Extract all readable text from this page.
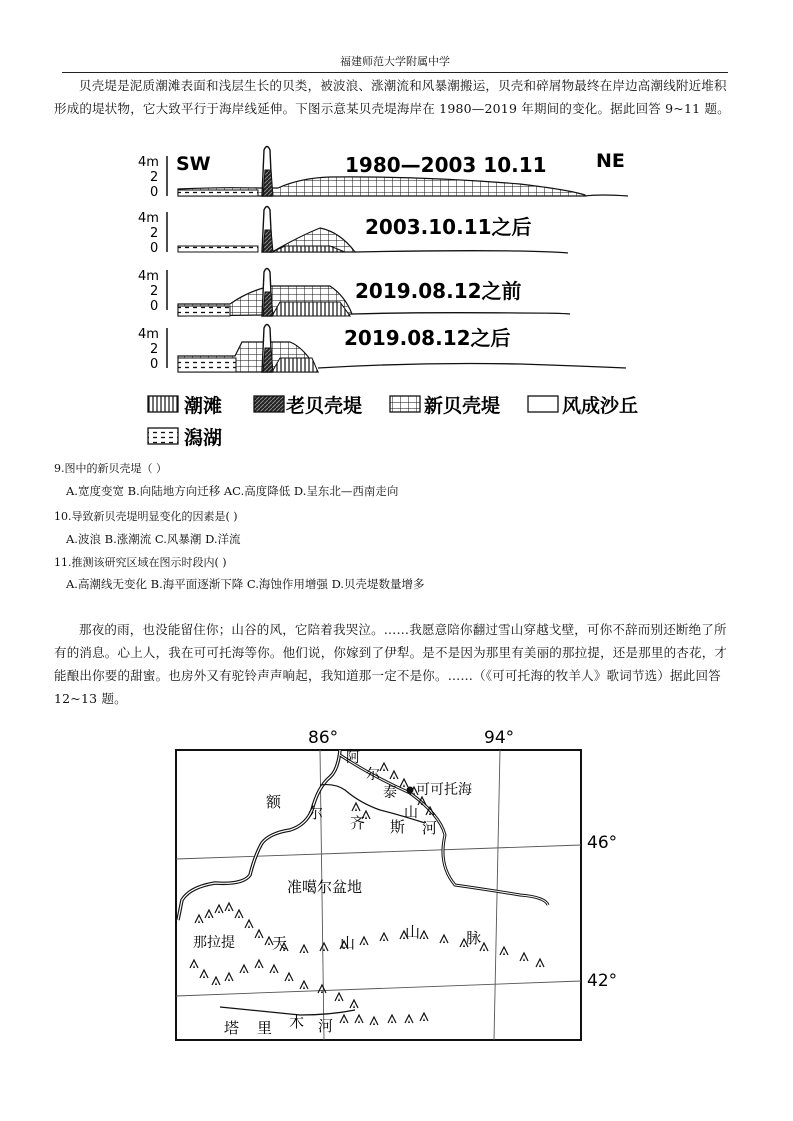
福建师范大学附属中学

贝壳堤是泥质潮滩表面和浅层生长的贝类，被波浪、涨潮流和风暴潮搬运，贝壳和碎屑物最终在岸边高潮线附近堆积形成的堤状物，它大致平行于海岸线延伸。下图示意某贝壳堤海岸在 1980—2019 年期间的变化。据此回答 9~11 题。

4m
2
0
SW	NE
1980—2003 10.11
4m
2
0
2003.10.11之后
4m
2
0
2019.08.12之前
4m
2
0
2019.08.12之后
潮滩	老贝壳堤	新贝壳堤	风成沙丘
潟湖
9.图中的新贝壳堤（ ）
A.宽度变宽 B.向陆地方向迁移 AC.高度降低 D.呈东北—西南走向
10.导致新贝壳堤明显变化的因素是( )
A.波浪 B.涨潮流 C.风暴潮 D.洋流
11.推测该研究区域在图示时段内( )
A.高潮线无变化 B.海平面逐渐下降 C.海蚀作用增强 D.贝壳堤数量增多

那夜的雨，也没能留住你；山谷的风，它陪着我哭泣。……我愿意陪你翻过雪山穿越戈壁，可你不辞而别还断绝了所有的消息。心上人，我在可可托海等你。他们说，你嫁到了伊犁。是不是因为那里有美丽的那拉提，还是那里的杏花，才能酿出你要的甜蜜。也房外又有驼铃声声响起，我知道那一定不是你。……（《可可托海的牧羊人》歌词节选）据此回答 12~13 题。

86°	94°
46°
42°
阿
尔
泰
山
可可托海
额
尔
齐 斯 河
准噶尔盆地
那拉提 天	山
山	脉
塔 里 木 河
